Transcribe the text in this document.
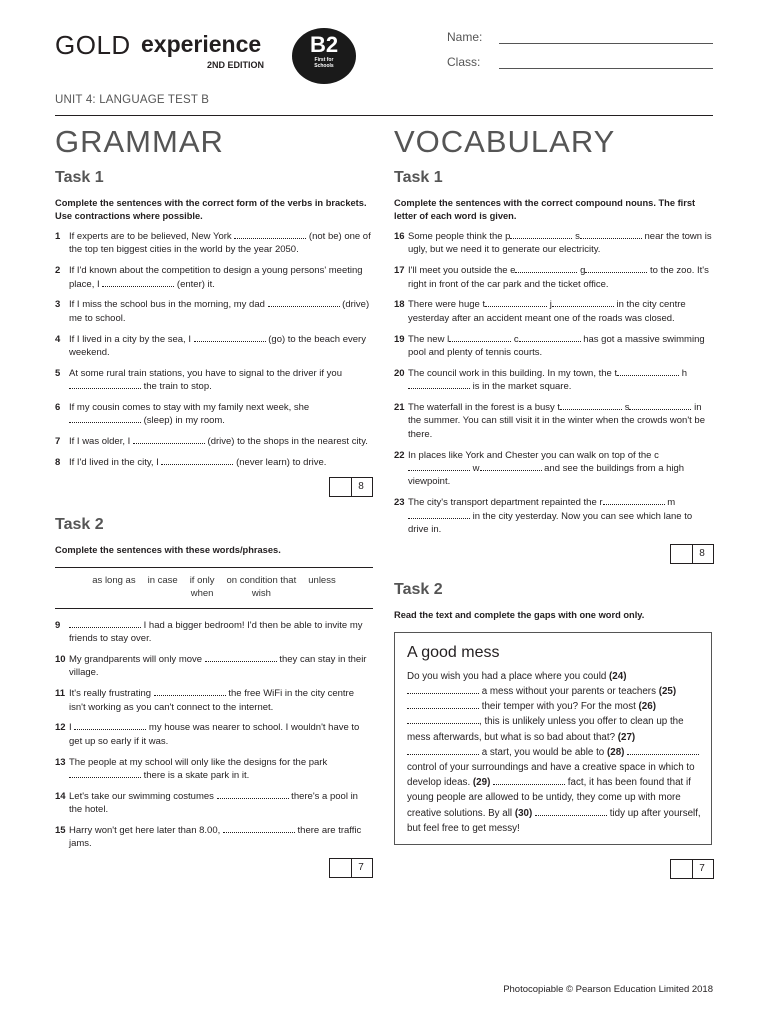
GOLD experience
2ND EDITION
B2
First for
Schools
Name:
Class:
UNIT 4: LANGUAGE TEST B
GRAMMAR
Task 1
Complete the sentences with the correct form of the verbs in brackets. Use contractions where possible.
1 If experts are to be believed, New York	(not be) one of the top ten biggest cities in the world by the year 2050.
2 If I'd known about the competition to design a young persons' meeting place, I	(enter) it.
3 If I miss the school bus in the morning, my dad	(drive) me to school.
4 If I lived in a city by the sea, I	(go) to the beach every weekend.
5 At some rural train stations, you have to signal to the driver if you  the train to stop.
6 If my cousin comes to stay with my family next week, she  (sleep) in my room.
7 If I was older, I	(drive) to the shops in the nearest city.
8 If I'd lived in the city, I	(never learn) to drive.
8
Task 2
Complete the sentences with these words/phrases.
as long as in case if only
when
on condition that
wish
unless
9	I had a bigger bedroom! I'd then be able to invite my friends to stay over.
10 My grandparents will only move	they can stay in their village.
11 It's really frustrating	the free WiFi in the city centre isn't working as you can't connect to the internet.
12 I	my house was nearer to school. I wouldn't have to get up so early if it was.
13 The people at my school will only like the designs for the park  there is a skate park in it.
14 Let's take our swimming costumes	there's a pool in the hotel.
15 Harry won't get here later than 8.00,	there are traffic jams.
7
VOCABULARY
Task 1
Complete the sentences with the correct compound nouns. The first letter of each word is given.
16 Some people think the p	s	near the town is ugly, but we need it to generate our electricity.
17 I'll meet you outside the e	g	to the zoo. It's right in front of the car park and the ticket office.
18 There were huge t	j	in the city centre yesterday after an accident meant one of the roads was closed.
19 The new l	c	has got a massive swimming pool and plenty of tennis courts.
20 The council work in this building. In my town, the t	h is in the market square.
21 The waterfall in the forest is a busy t	s	in the summer. You can still visit it in the winter when the crowds won't be there.
22 In places like York and Chester you can walk on top of the c w	and see the buildings from a high viewpoint.
23 The city's transport department repainted the r	m in the city yesterday. Now you can see which lane to drive in.
8
Task 2
Read the text and complete the gaps with one word only.
A good mess
Do you wish you had a place where you could (24)  a mess without your parents or teachers (25)  their temper with you? For the most (26) , this is unlikely unless you offer to clean up the mess afterwards, but what is so bad about that? (27)  a start, you would be able to (28)  control of your surroundings and have a creative space in which to develop ideas. (29)	fact, it has been found that if young people are allowed to be untidy, they come up with more creative solutions. By all (30)	tidy up after yourself, but feel free to get messy!
7
Photocopiable © Pearson Education Limited 2018
